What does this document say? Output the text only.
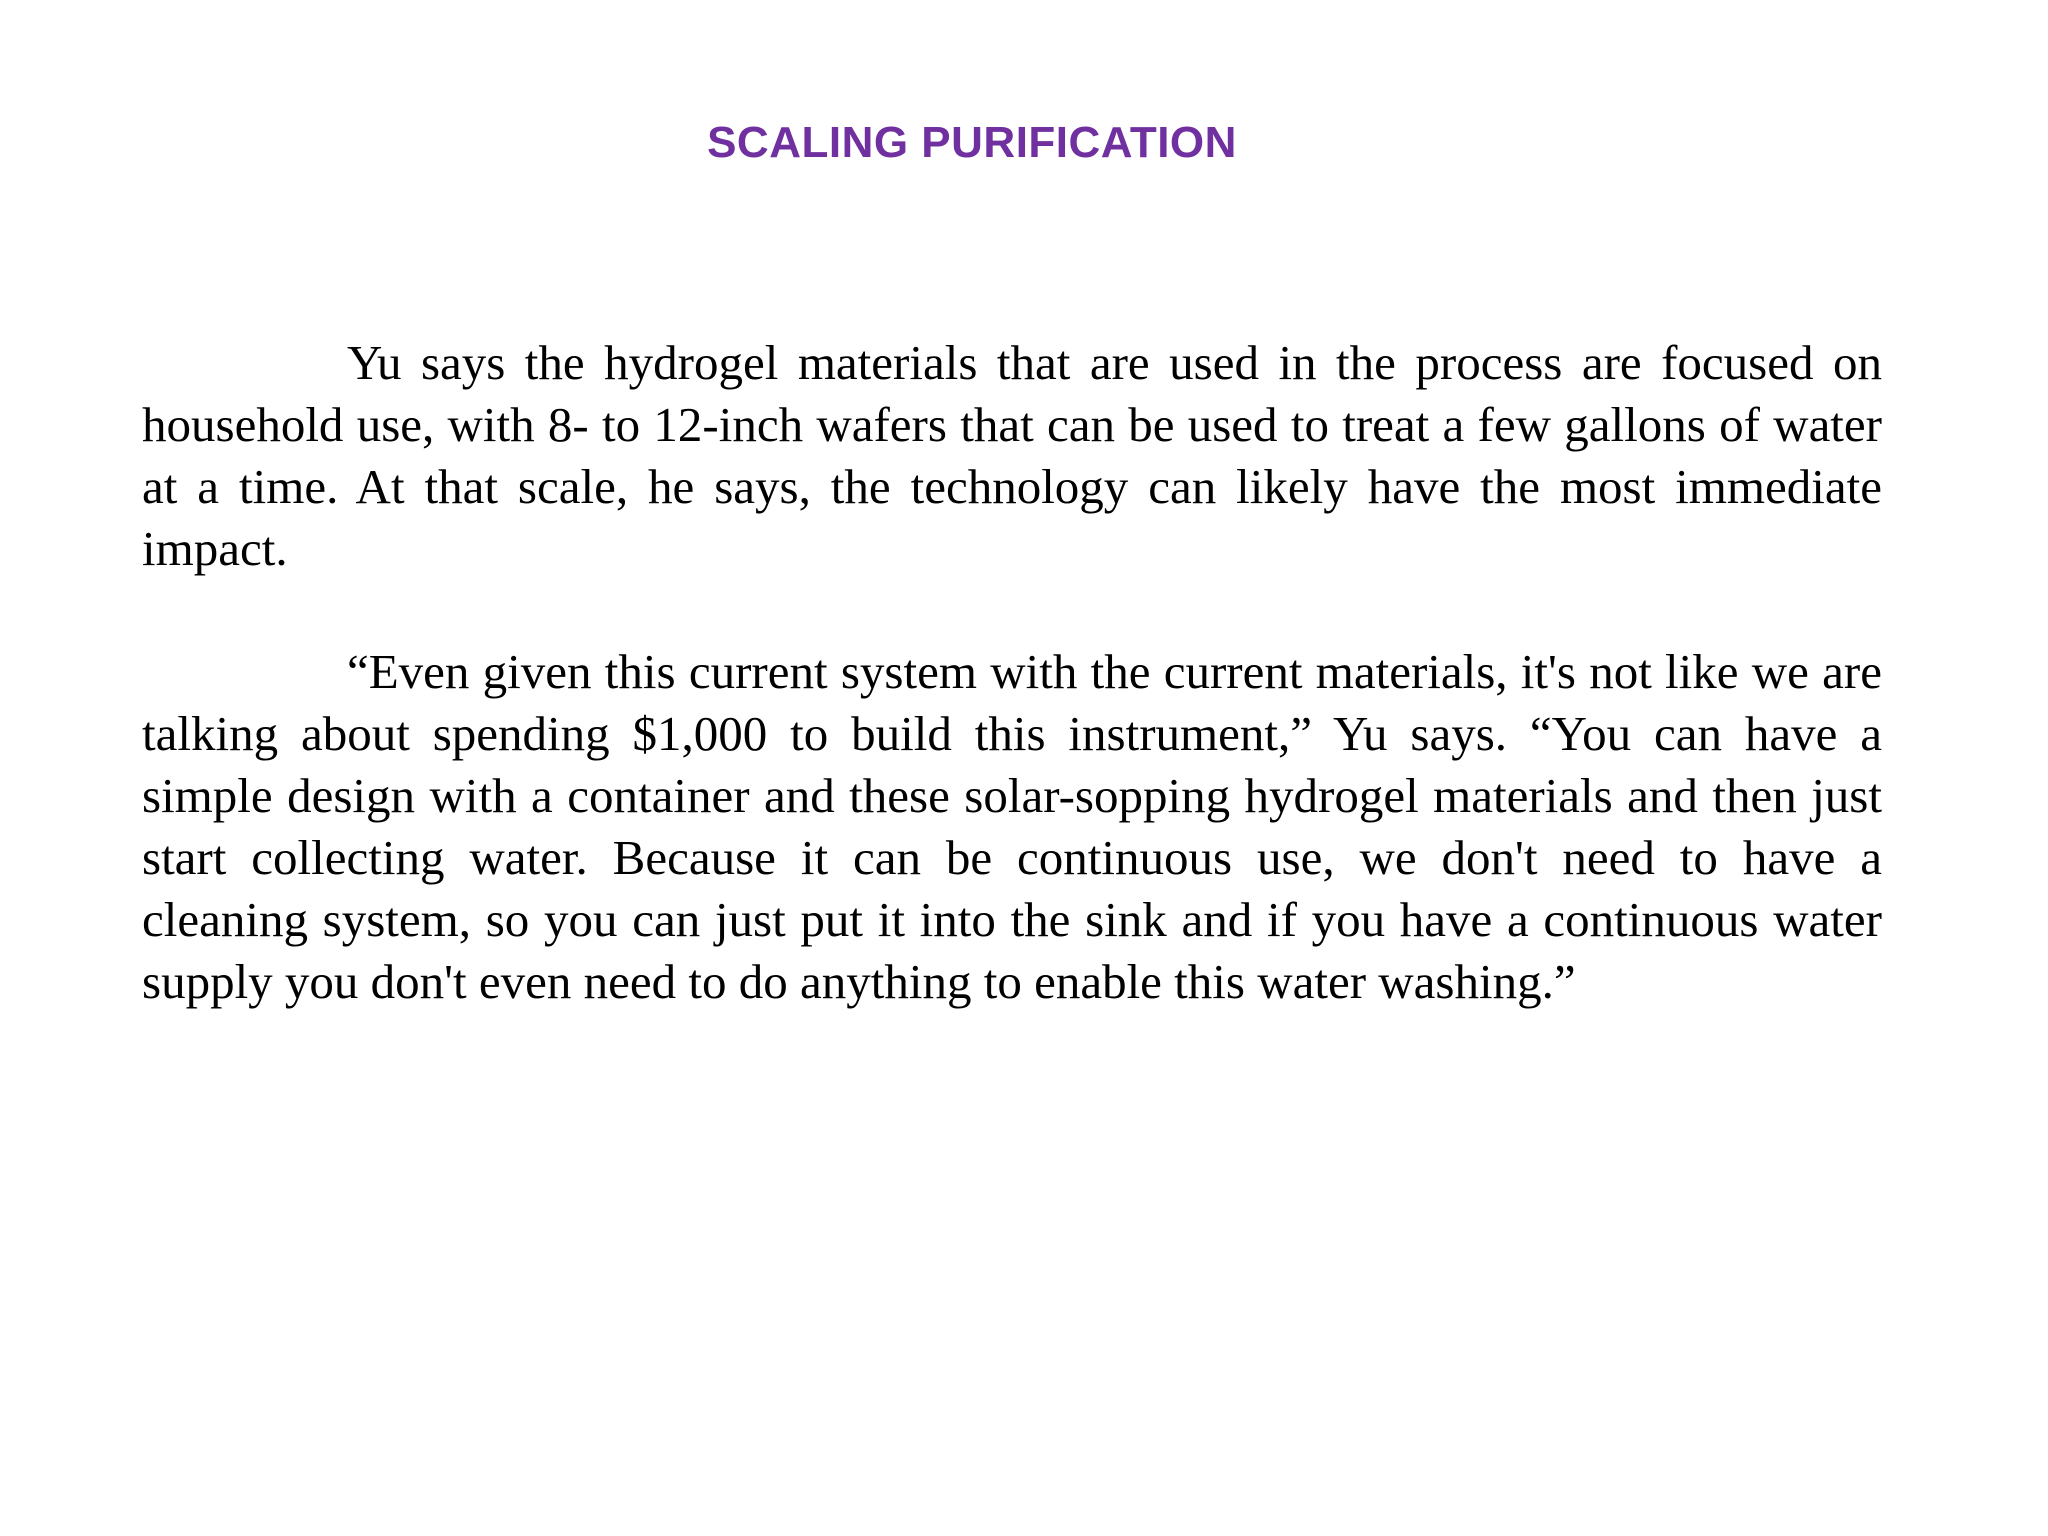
SCALING PURIFICATION

Yu says the hydrogel materials that are used in the process are focused on household use, with 8- to 12-inch wafers that can be used to treat a few gallons of water at a time. At that scale, he says, the technology can likely have the most immediate impact.

“Even given this current system with the current materials, it's not like we are talking about spending $1,000 to build this instrument,” Yu says. “You can have a simple design with a container and these solar-sopping hydrogel materials and then just start collecting water. Because it can be continuous use, we don't need to have a cleaning system, so you can just put it into the sink and if you have a continuous water supply you don't even need to do anything to enable this water washing.”
